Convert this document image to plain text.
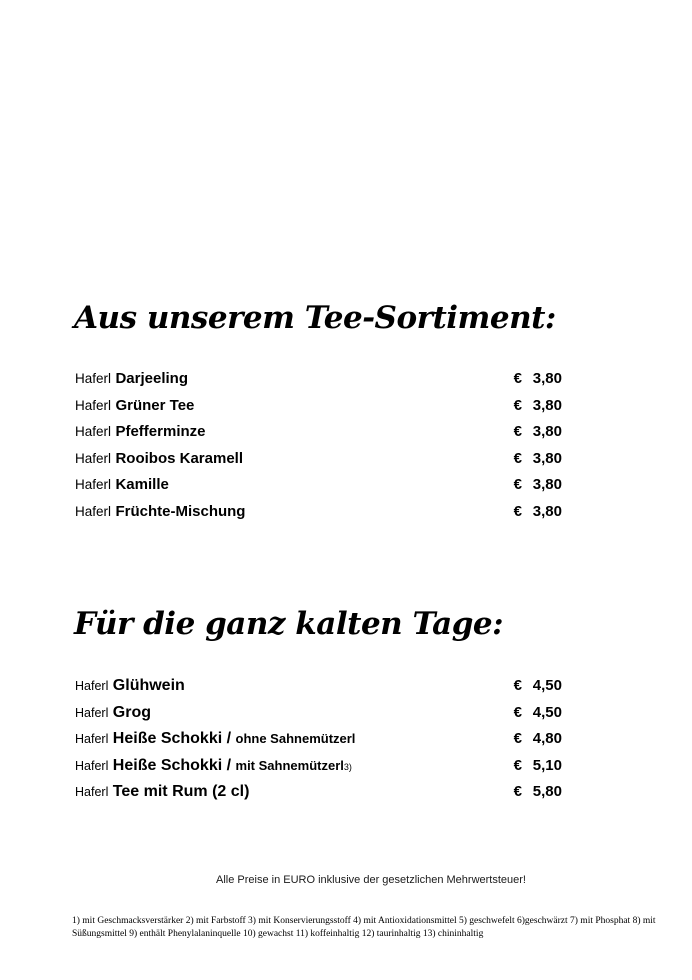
Aus unserem Tee-Sortiment:
Haferl Darjeeling	€ 3,80
Haferl Grüner Tee	€ 3,80
Haferl Pfefferminze	€ 3,80
Haferl Rooibos Karamell	€ 3,80
Haferl Kamille	€ 3,80
Haferl Früchte-Mischung	€ 3,80
Für die ganz kalten Tage:
Haferl Glühwein	€ 4,50
Haferl Grog	€ 4,50
Haferl Heiße Schokki / ohne Sahnemützerl	€ 4,80
Haferl Heiße Schokki / mit Sahnemützerl3)	€ 5,10
Haferl Tee mit Rum (2 cl)	€ 5,80
Alle Preise in EURO inklusive der gesetzlichen Mehrwertsteuer!
1) mit Geschmacksverstärker 2) mit Farbstoff 3) mit Konservierungsstoff 4) mit Antioxidationsmittel 5) geschwefelt 6)geschwärzt 7) mit Phosphat 8) mit
Süßungsmittel 9) enthält Phenylalaninquelle 10) gewachst 11) koffeinhaltig 12) taurinhaltig 13) chininhaltig
